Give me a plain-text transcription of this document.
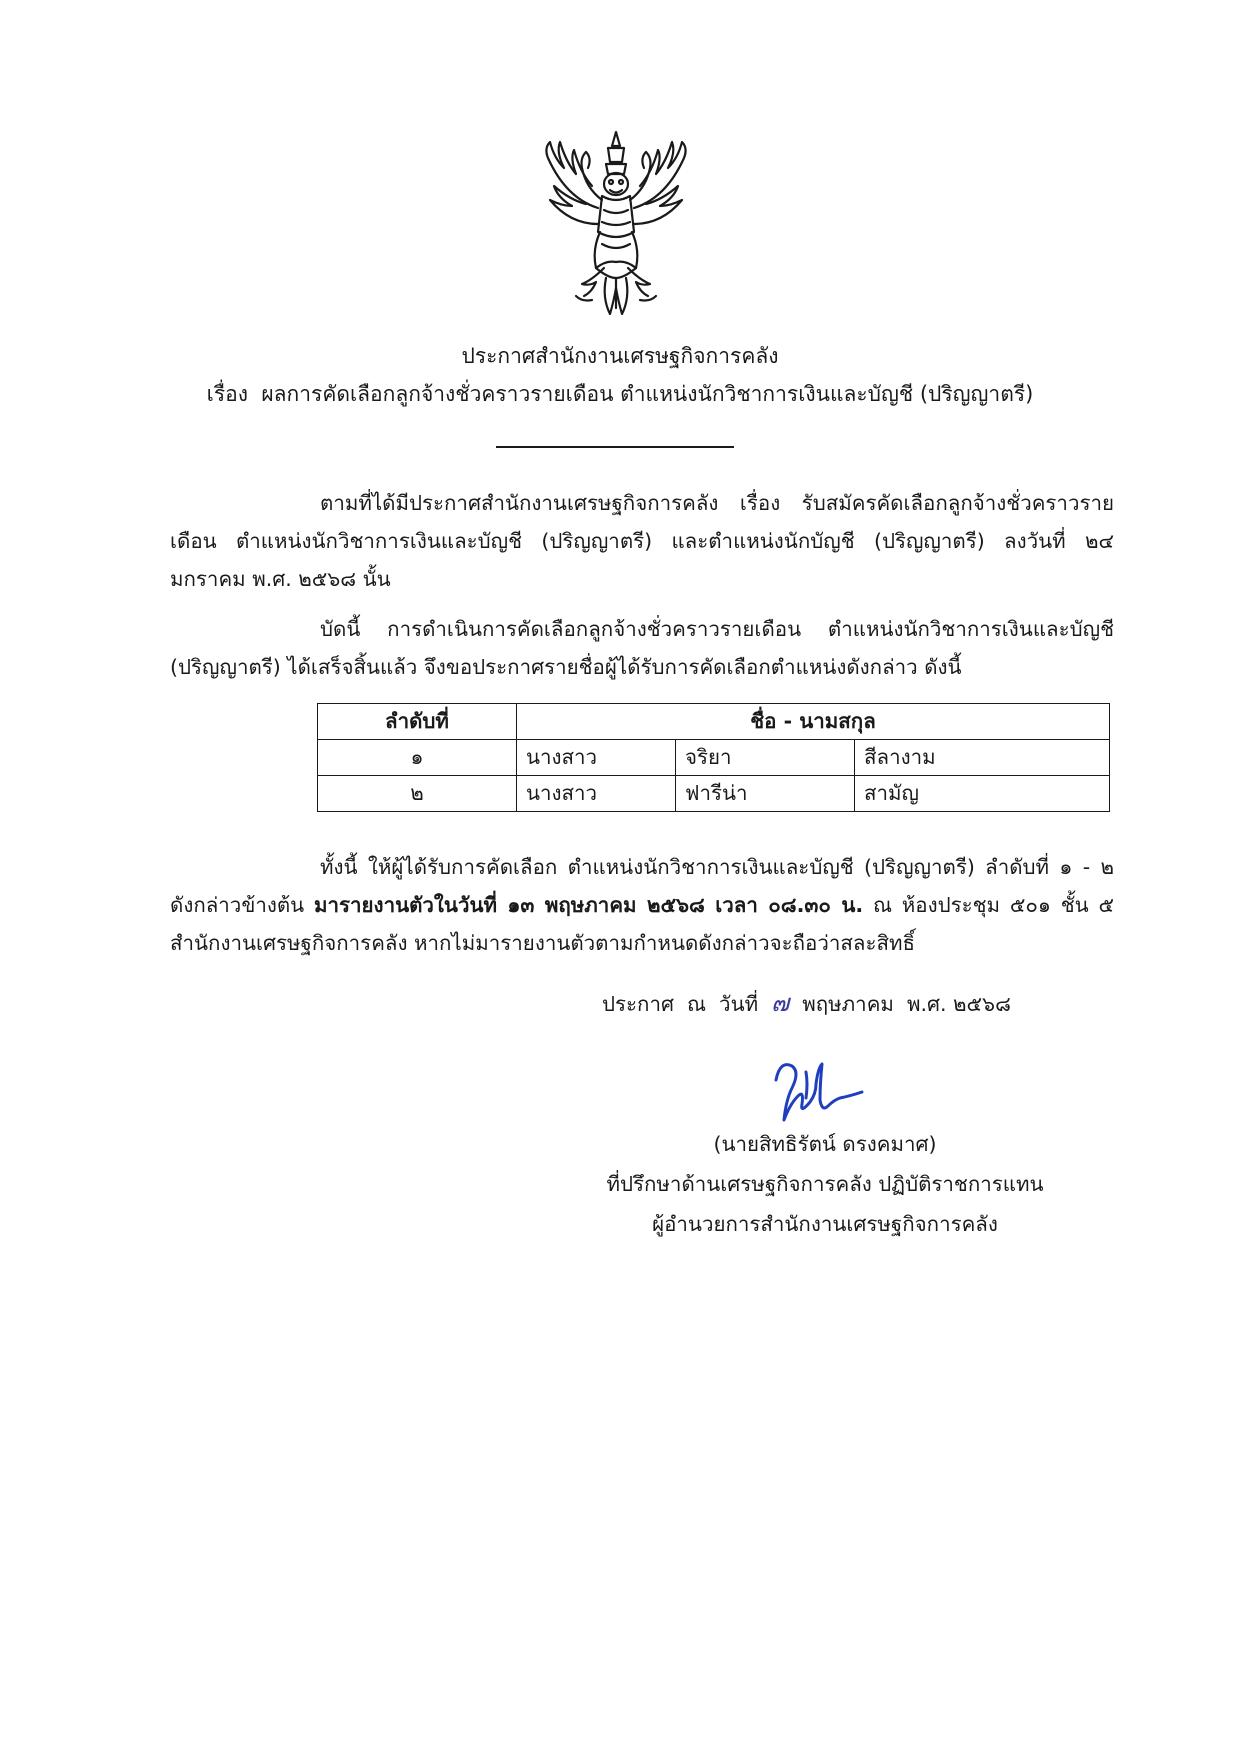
ประกาศสำนักงานเศรษฐกิจการคลัง
เรื่อง ผลการคัดเลือกลูกจ้างชั่วคราวรายเดือน ตำแหน่งนักวิชาการเงินและบัญชี (ปริญญาตรี)

ตามที่ได้มีประกาศสำนักงานเศรษฐกิจการคลัง เรื่อง รับสมัครคัดเลือกลูกจ้างชั่วคราวรายเดือน ตำแหน่งนักวิชาการเงินและบัญชี (ปริญญาตรี) และตำแหน่งนักบัญชี (ปริญญาตรี) ลงวันที่ ๒๔ มกราคม พ.ศ. ๒๕๖๘ นั้น

บัดนี้ การดำเนินการคัดเลือกลูกจ้างชั่วคราวรายเดือน ตำแหน่งนักวิชาการเงินและบัญชี (ปริญญาตรี) ได้เสร็จสิ้นแล้ว จึงขอประกาศรายชื่อผู้ได้รับการคัดเลือกตำแหน่งดังกล่าว ดังนี้

ลำดับที่	ชื่อ - นามสกุล		
๑	นางสาว	จริยา	สีลางาม
๒	นางสาว	ฟารีน่า	สามัญ

ทั้งนี้ ให้ผู้ได้รับการคัดเลือก ตำแหน่งนักวิชาการเงินและบัญชี (ปริญญาตรี) ลำดับที่ ๑ - ๒ ดังกล่าวข้างต้น มารายงานตัวในวันที่ ๑๓ พฤษภาคม ๒๕๖๘ เวลา ๐๘.๓๐ น. ณ ห้องประชุม ๕๐๑ ชั้น ๕ สำนักงานเศรษฐกิจการคลัง หากไม่มารายงานตัวตามกำหนดดังกล่าวจะถือว่าสละสิทธิ์

ประกาศ  ณ  วันที่ ๗ พฤษภาคม  พ.ศ. ๒๕๖๘
(นายสิทธิรัตน์ ดรงคมาศ)
ที่ปรึกษาด้านเศรษฐกิจการคลัง ปฏิบัติราชการแทน
ผู้อำนวยการสำนักงานเศรษฐกิจการคลัง
